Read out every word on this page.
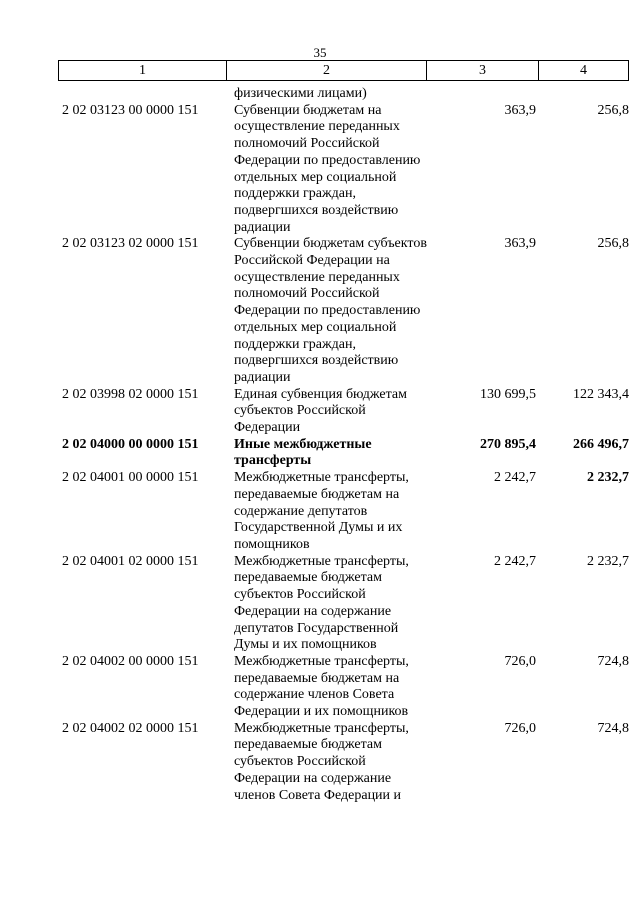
35
1	2	3	4
	физическими лицами)		
2 02 03123 00 0000 151	Субвенции бюджетам на осуществление переданных полномочий Российской Федерации по предоставлению отдельных мер социальной поддержки граждан, подвергшихся воздействию радиации	363,9	256,8
2 02 03123 02 0000 151	Субвенции бюджетам субъектов Российской Федерации на осуществление переданных полномочий Российской Федерации по предоставлению отдельных мер социальной поддержки граждан, подвергшихся воздействию радиации	363,9	256,8
2 02 03998 02 0000 151	Единая субвенция бюджетам субъектов Российской Федерации	130 699,5	122 343,4
2 02 04000 00 0000 151	Иные межбюджетные трансферты	270 895,4	266 496,7
2 02 04001 00 0000 151	Межбюджетные трансферты, передаваемые бюджетам на содержание депутатов Государственной Думы и их помощников	2 242,7	2 232,7
2 02 04001 02 0000 151	Межбюджетные трансферты, передаваемые бюджетам субъектов Российской Федерации на содержание депутатов Государственной Думы и их помощников	2 242,7	2 232,7
2 02 04002 00 0000 151	Межбюджетные трансферты, передаваемые бюджетам на содержание членов Совета Федерации и их помощников	726,0	724,8
2 02 04002 02 0000 151	Межбюджетные трансферты, передаваемые бюджетам субъектов Российской Федерации на содержание членов Совета Федерации и	726,0	724,8
